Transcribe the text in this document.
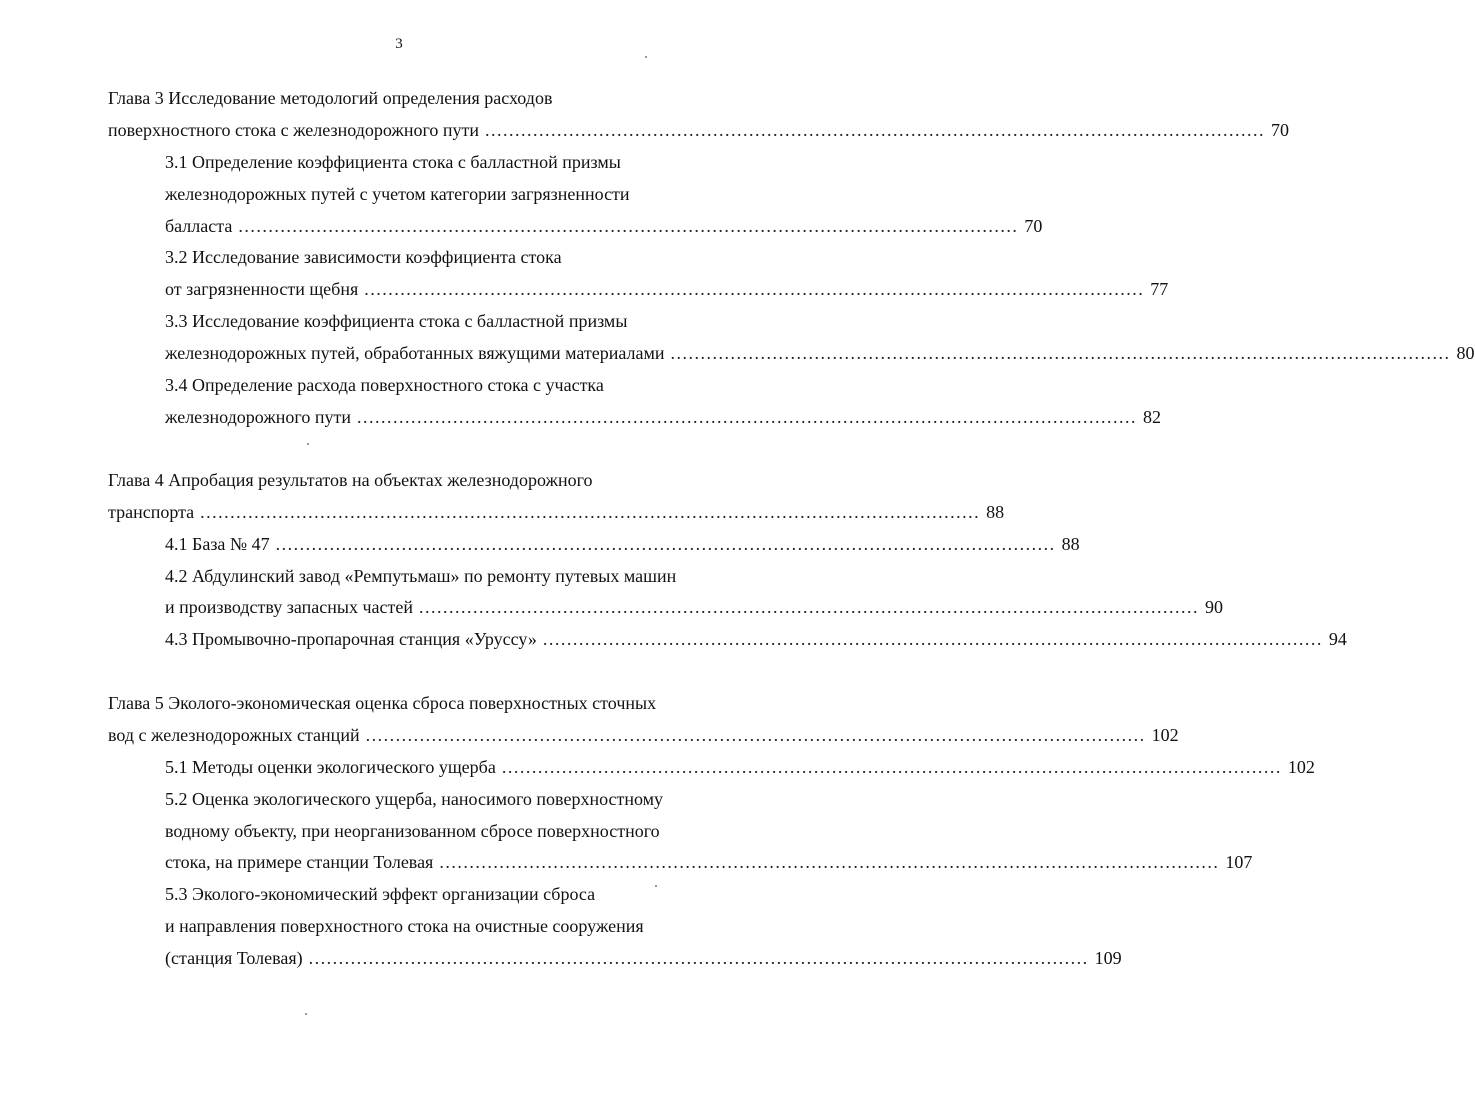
3
Глава 3 Исследование методологий определения расходов
поверхностного стока с железнодорожного пути .................................................................................................................................. 70
3.1 Определение коэффициента стока с балластной призмы
железнодорожных путей с учетом категории загрязненности
балласта .................................................................................................................................. 70
3.2 Исследование зависимости коэффициента стока
от загрязненности щебня .................................................................................................................................. 77
3.3 Исследование коэффициента стока с балластной призмы
железнодорожных путей, обработанных вяжущими материалами .................................................................................................................................. 80
3.4 Определение расхода поверхностного стока с участка
железнодорожного пути .................................................................................................................................. 82
Глава 4 Апробация результатов на объектах железнодорожного
транспорта .................................................................................................................................. 88
4.1 База № 47 .................................................................................................................................. 88
4.2 Абдулинский завод «Ремпутьмаш» по ремонту путевых машин
и производству запасных частей .................................................................................................................................. 90
4.3 Промывочно-пропарочная станция «Уруссу» .................................................................................................................................. 94
Глава 5 Эколого-экономическая оценка сброса поверхностных сточных
вод с железнодорожных станций .................................................................................................................................. 102
5.1 Методы оценки экологического ущерба .................................................................................................................................. 102
5.2 Оценка экологического ущерба, наносимого поверхностному
водному объекту, при неорганизованном сбросе поверхностного
стока, на примере станции Толевая .................................................................................................................................. 107
5.3 Эколого-экономический эффект организации сброса
и направления поверхностного стока на очистные сооружения
(станция Толевая) .................................................................................................................................. 109
